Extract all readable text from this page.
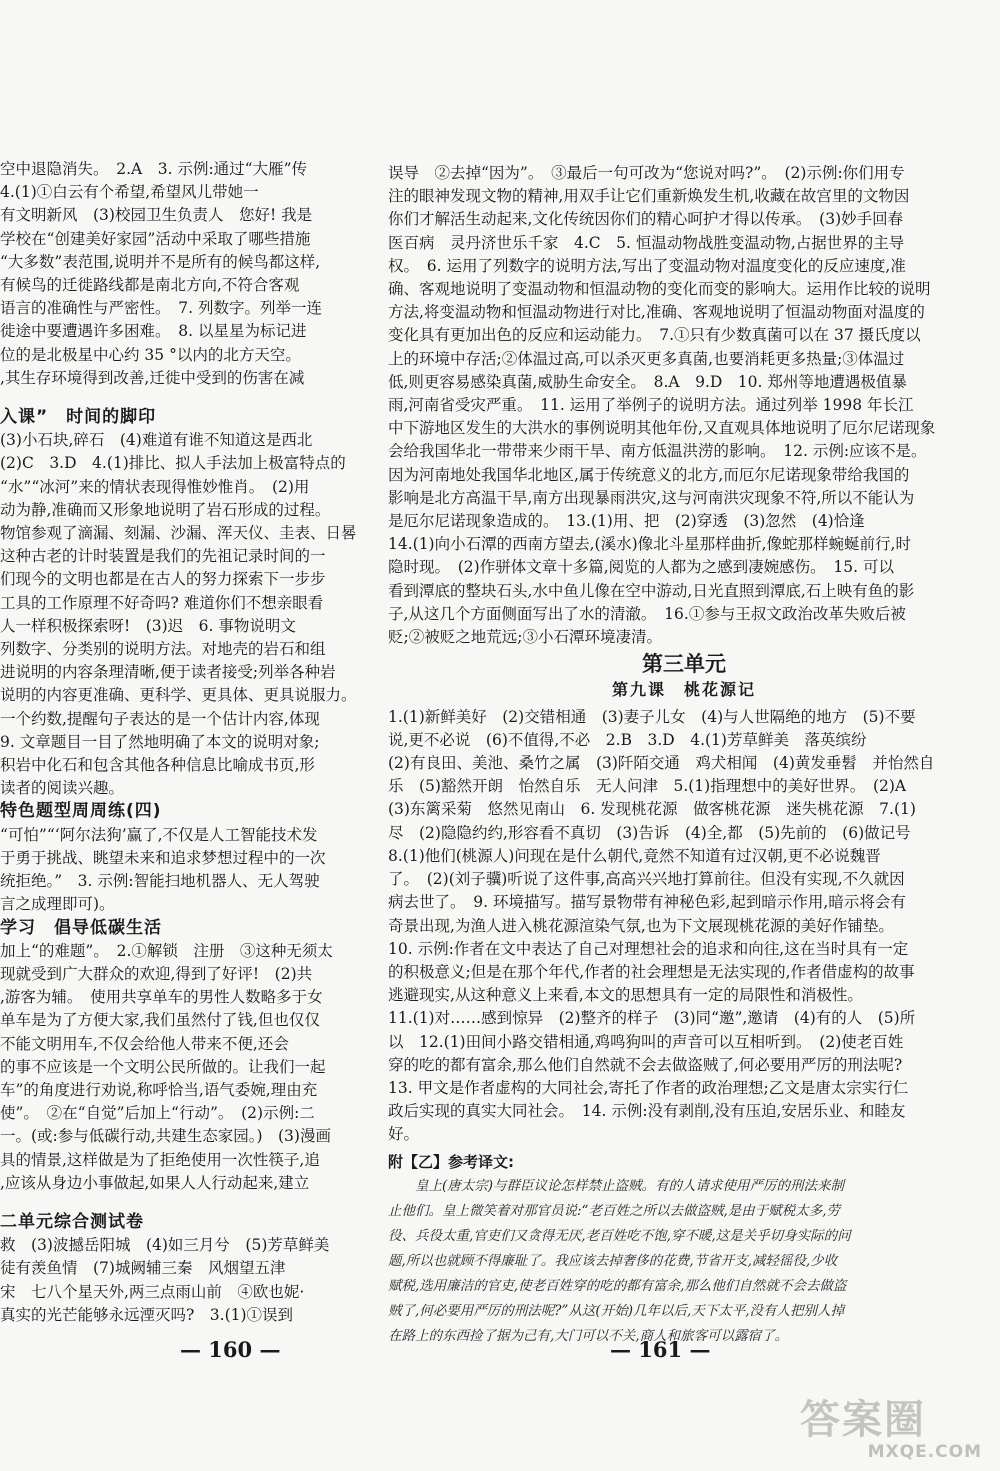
空中退隐消失。　2.A　3. 示例:通过“大雁”传

4.(1)①白云有个希望,希望风儿带她一

有文明新风　(3)校园卫生负责人　您好! 我是

学校在“创建美好家园”活动中采取了哪些措施

“大多数”表范围,说明并不是所有的候鸟都这样,

有候鸟的迁徙路线都是南北方向,不符合客观

语言的准确性与严密性。　7. 列数字。列举一连

徙途中要遭遇许多困难。　8. 以星星为标记进

位的是北极星中心约 35 °以内的北方天空。

,其生存环境得到改善,迁徙中受到的伤害在减

入课”　时间的脚印

(3)小石块,碎石　(4)难道有谁不知道这是西北

(2)C　3.D　4.(1)排比、拟人手法加上极富特点的

“水”“冰河”来的情状表现得惟妙惟肖。　(2)用

动为静,准确而又形象地说明了岩石形成的过程。

物馆参观了滴漏、刻漏、沙漏、浑天仪、圭表、日晷

这种古老的计时装置是我们的先祖记录时间的一

们现今的文明也都是在古人的努力探索下一步步

工具的工作原理不好奇吗? 难道你们不想亲眼看

人一样积极探索呀!　(3)迟　6. 事物说明文

列数字、分类别的说明方法。对地壳的岩石和组

进说明的内容条理清晰,便于读者接受;列举各种岩

说明的内容更准确、更科学、更具体、更具说服力。

一个约数,提醒句子表达的是一个估计内容,体现

9. 文章题目一目了然地明确了本文的说明对象;

积岩中化石和包含其他各种信息比喻成书页,形

读者的阅读兴趣。

特色题型周周练(四)

“可怕”“‘阿尔法狗’赢了,不仅是人工智能技术发

于勇于挑战、眺望未来和追求梦想过程中的一次

统拒绝。”　3. 示例:智能扫地机器人、无人驾驶

言之成理即可)。

学习　倡导低碳生活

加上“的难题”。　2.①解锁　注册　③这种无须太

现就受到广大群众的欢迎,得到了好评!　(2)共

,游客为辅。　使用共享单车的男性人数略多于女

单车是为了方便大家,我们虽然付了钱,但也仅仅

不能文明用车,不仅会给他人带来不便,还会

的事不应该是一个文明公民所做的。让我们一起

车”的角度进行劝说,称呼恰当,语气委婉,理由充

使”。　②在“自觉”后加上“行动”。　(2)示例:二

一。(或:参与低碳行动,共建生态家园。)　(3)漫画

具的情景,这样做是为了拒绝使用一次性筷子,追

,应该从身边小事做起,如果人人行动起来,建立

二单元综合测试卷

救　(3)波撼岳阳城　(4)如三月兮　(5)芳草鲜美

徒有羡鱼情　(7)城阙辅三秦　风烟望五津

宋　七八个星天外,两三点雨山前　④欧也妮·

真实的光芒能够永远湮灭吗?　3.(1)①误到

误导　②去掉“因为”。　③最后一句可改为“您说对吗?”。　(2)示例:你们用专

注的眼神发现文物的精神,用双手让它们重新焕发生机,收藏在故宫里的文物因

你们才解活生动起来,文化传统因你们的精心呵护才得以传承。　(3)妙手回春

医百病　灵丹济世乐千家　4.C　5. 恒温动物战胜变温动物,占据世界的主导

权。　6. 运用了列数字的说明方法,写出了变温动物对温度变化的反应速度,准

确、客观地说明了变温动物和恒温动物的变化而变的影响大。运用作比较的说明

方法,将变温动物和恒温动物进行对比,准确、客观地说明了恒温动物面对温度的

变化具有更加出色的反应和运动能力。　7.①只有少数真菌可以在 37 摄氏度以

上的环境中存活;②体温过高,可以杀灭更多真菌,也要消耗更多热量;③体温过

低,则更容易感染真菌,威胁生命安全。　8.A　9.D　10. 郑州等地遭遇极值暴

雨,河南省受灾严重。　11. 运用了举例子的说明方法。通过列举 1998 年长江

中下游地区发生的大洪水的事例说明其他年份,又直观具体地说明了厄尔尼诺现象

会给我国华北一带带来少雨干旱、南方低温洪涝的影响。　12. 示例:应该不是。

因为河南地处我国华北地区,属于传统意义的北方,而厄尔尼诺现象带给我国的

影响是北方高温干旱,南方出现暴雨洪灾,这与河南洪灾现象不符,所以不能认为

是厄尔尼诺现象造成的。　13.(1)用、把　(2)穿透　(3)忽然　(4)恰逢

14.(1)向小石潭的西南方望去,(溪水)像北斗星那样曲折,像蛇那样蜿蜒前行,时

隐时现。　(2)作骈体文章十多篇,阅览的人都为之感到凄婉感伤。　15. 可以

看到潭底的整块石头,水中鱼儿像在空中游动,日光直照到潭底,石上映有鱼的影

子,从这几个方面侧面写出了水的清澈。　16.①参与王叔文政治改革失败后被

贬;②被贬之地荒远;③小石潭环境凄清。

第三单元

第九课　桃花源记

1.(1)新鲜美好　(2)交错相通　(3)妻子儿女　(4)与人世隔绝的地方　(5)不要

说,更不必说　(6)不值得,不必　2.B　3.D　4.(1)芳草鲜美　落英缤纷

(2)有良田、美池、桑竹之属　(3)阡陌交通　鸡犬相闻　(4)黄发垂髫　并怡然自

乐　(5)豁然开朗　怡然自乐　无人问津　5.(1)指理想中的美好世界。　(2)A

(3)东篱采菊　悠然见南山　6. 发现桃花源　做客桃花源　迷失桃花源　7.(1)

尽　(2)隐隐约约,形容看不真切　(3)告诉　(4)全,都　(5)先前的　(6)做记号

8.(1)他们(桃源人)问现在是什么朝代,竟然不知道有过汉朝,更不必说魏晋

了。　(2)(刘子骥)听说了这件事,高高兴兴地打算前往。但没有实现,不久就因

病去世了。　9. 环境描写。描写景物带有神秘色彩,起到暗示作用,暗示将会有

奇景出现,为渔人进入桃花源渲染气氛,也为下文展现桃花源的美好作铺垫。

10. 示例:作者在文中表达了自己对理想社会的追求和向往,这在当时具有一定

的积极意义;但是在那个年代,作者的社会理想是无法实现的,作者借虚构的故事

逃避现实,从这种意义上来看,本文的思想具有一定的局限性和消极性。

11.(1)对……感到惊异　(2)整齐的样子　(3)同“邀”,邀请　(4)有的人　(5)所

以　12.(1)田间小路交错相通,鸡鸣狗叫的声音可以互相听到。　(2)使老百姓

穿的吃的都有富余,那么他们自然就不会去做盗贼了,何必要用严厉的刑法呢?

13. 甲文是作者虚构的大同社会,寄托了作者的政治理想;乙文是唐太宗实行仁

政后实现的真实大同社会。　14. 示例:没有剥削,没有压迫,安居乐业、和睦友

好。

附【乙】参考译文:

　　皇上(唐太宗)与群臣议论怎样禁止盗贼。有的人请求使用严厉的刑法来制

止他们。皇上微笑着对那官员说:“老百姓之所以去做盗贼,是由于赋税太多,劳

役、兵役太重,官吏们又贪得无厌,老百姓吃不饱,穿不暖,这是关乎切身实际的问

题,所以也就顾不得廉耻了。我应该去掉奢侈的花费,节省开支,减轻徭役,少收

赋税,选用廉洁的官吏,使老百姓穿的吃的都有富余,那么他们自然就不会去做盗

贼了,何必要用严厉的刑法呢?”从这(开始)几年以后,天下太平,没有人把别人掉

在路上的东西捡了据为己有,大门可以不关,商人和旅客可以露宿了。

— 160 —	— 161 —
答案圈
MXQE.COM
